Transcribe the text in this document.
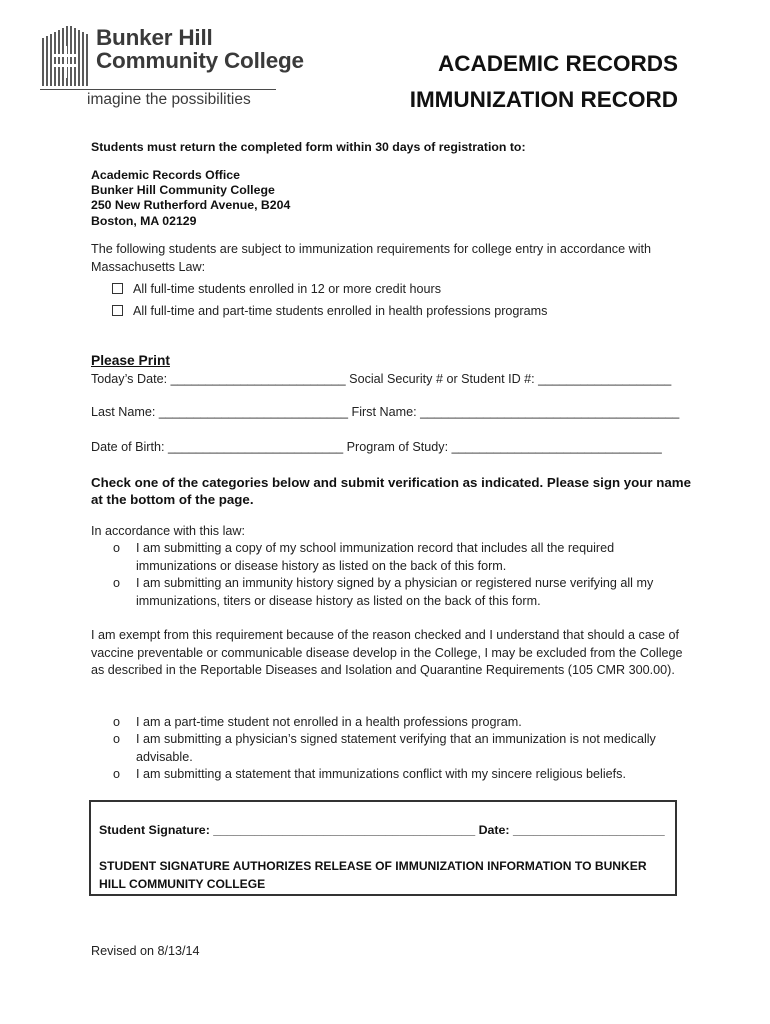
Bunker Hill
Community College
imagine the possibilities
ACADEMIC RECORDS
IMMUNIZATION RECORD
Students must return the completed form within 30 days of registration to:
Academic Records Office
Bunker Hill Community College
250 New Rutherford Avenue, B204
Boston, MA 02129
The following students are subject to immunization requirements for college entry in accordance with Massachusetts Law:
All full-time students enrolled in 12 or more credit hours
All full-time and part-time students enrolled in health professions programs
Please Print
Today’s Date: _________________________ Social Security # or Student ID #: ___________________
Last Name: ___________________________ First Name: _____________________________________
Date of Birth: _________________________ Program of Study: ______________________________
Check one of the categories below and submit verification as indicated. Please sign your name at the bottom of the page.
In accordance with this law:
o I am submitting a copy of my school immunization record that includes all the required immunizations or disease history as listed on the back of this form.
o I am submitting an immunity history signed by a physician or registered nurse verifying all my immunizations, titers or disease history as listed on the back of this form.
I am exempt from this requirement because of the reason checked and I understand that should a case of vaccine preventable or communicable disease develop in the College, I may be excluded from the College as described in the Reportable Diseases and Isolation and Quarantine Requirements (105 CMR 300.00).
o I am a part-time student not enrolled in a health professions program.
o I am submitting a physician’s signed statement verifying that an immunization is not medically advisable.
o I am submitting a statement that immunizations conflict with my sincere religious beliefs.
Student Signature: ______________________________________ Date: ______________________
STUDENT SIGNATURE AUTHORIZES RELEASE OF IMMUNIZATION INFORMATION TO BUNKER HILL COMMUNITY COLLEGE
Revised on 8/13/14
